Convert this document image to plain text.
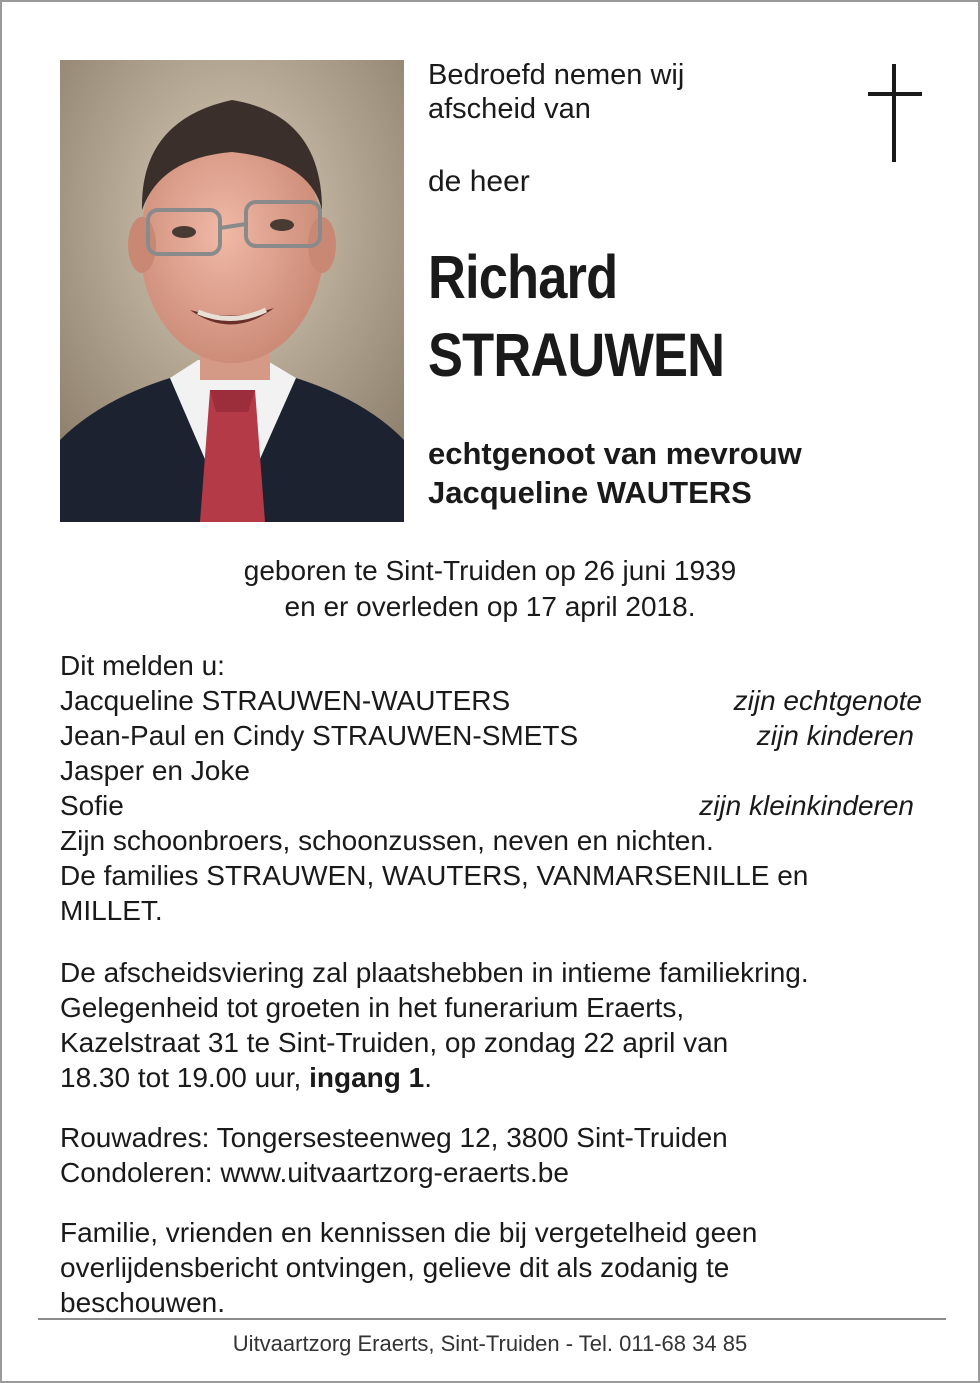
Bedroefd nemen wij
afscheid van

de heer

Richard
STRAUWEN

echtgenoot van mevrouw
Jacqueline WAUTERS

geboren te Sint-Truiden op 26 juni 1939
en er overleden op 17 april 2018.

Dit melden u:
Jacqueline STRAUWEN-WAUTERS	zijn echtgenote
Jean-Paul en Cindy STRAUWEN-SMETS	zijn kinderen
Jasper en Joke
Sofie	zijn kleinkinderen
Zijn schoonbroers, schoonzussen, neven en nichten.
De families STRAUWEN, WAUTERS, VANMARSENILLE en
MILLET.
De afscheidsviering zal plaatshebben in intieme familiekring.
Gelegenheid tot groeten in het funerarium Eraerts,
Kazelstraat 31 te Sint-Truiden, op zondag 22 april van
18.30 tot 19.00 uur, ingang 1.
Rouwadres: Tongersesteenweg 12, 3800 Sint-Truiden
Condoleren: www.uitvaartzorg-eraerts.be
Familie, vrienden en kennissen die bij vergetelheid geen
overlijdensbericht ontvingen, gelieve dit als zodanig te
beschouwen.

Uitvaartzorg Eraerts, Sint-Truiden - Tel. 011-68 34 85
